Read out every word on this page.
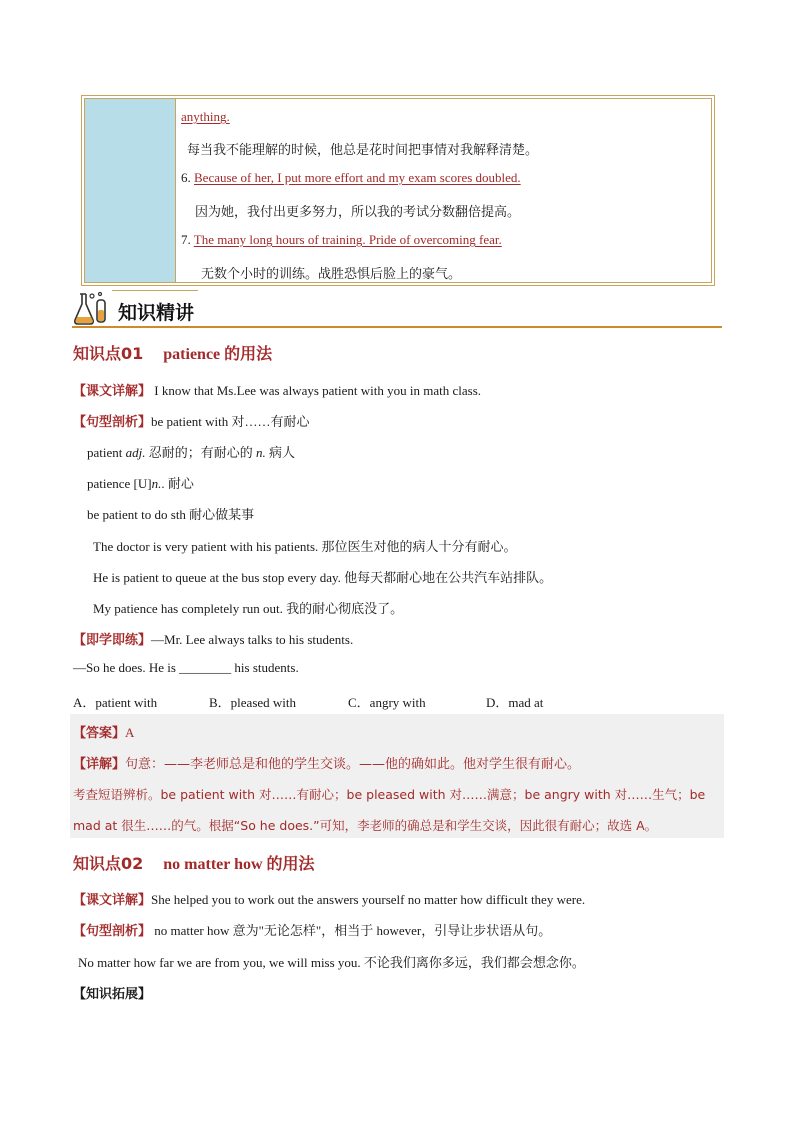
anything.
每当我不能理解的时候，他总是花时间把事情对我解释清楚。
6. Because of her, I put more effort and my exam scores doubled.
因为她，我付出更多努力，所以我的考试分数翻倍提高。
7. The many long hours of training. Pride of overcoming fear.
无数个小时的训练。战胜恐惧后脸上的豪气。
知识精讲
知识点01 patience 的用法
【课文详解】 I know that Ms.Lee was always patient with you in math class.
【句型剖析】be patient with 对……有耐心
patient adj. 忍耐的；有耐心的 n. 病人
patience [U]n.. 耐心
be patient to do sth 耐心做某事
The doctor is very patient with his patients. 那位医生对他的病人十分有耐心。
He is patient to queue at the bus stop every day. 他每天都耐心地在公共汽车站排队。
My patience has completely run out. 我的耐心彻底没了。
【即学即练】—Mr. Lee always talks to his students.
—So he does. He is ________ his students.
A．patient with	B．pleased with	C．angry with	D．mad at
【答案】A
【详解】句意：——李老师总是和他的学生交谈。——他的确如此。他对学生很有耐心。
考查短语辨析。be patient with 对……有耐心；be pleased with 对……满意；be angry with 对……生气；be
mad at 很生……的气。根据“So he does.”可知，李老师的确总是和学生交谈，因此很有耐心；故选 A。
知识点02 no matter how 的用法
【课文详解】She helped you to work out the answers yourself no matter how difficult they were.
【句型剖析】 no matter how 意为"无论怎样"，相当于 however，引导让步状语从句。
No matter how far we are from you, we will miss you. 不论我们离你多远，我们都会想念你。
【知识拓展】
